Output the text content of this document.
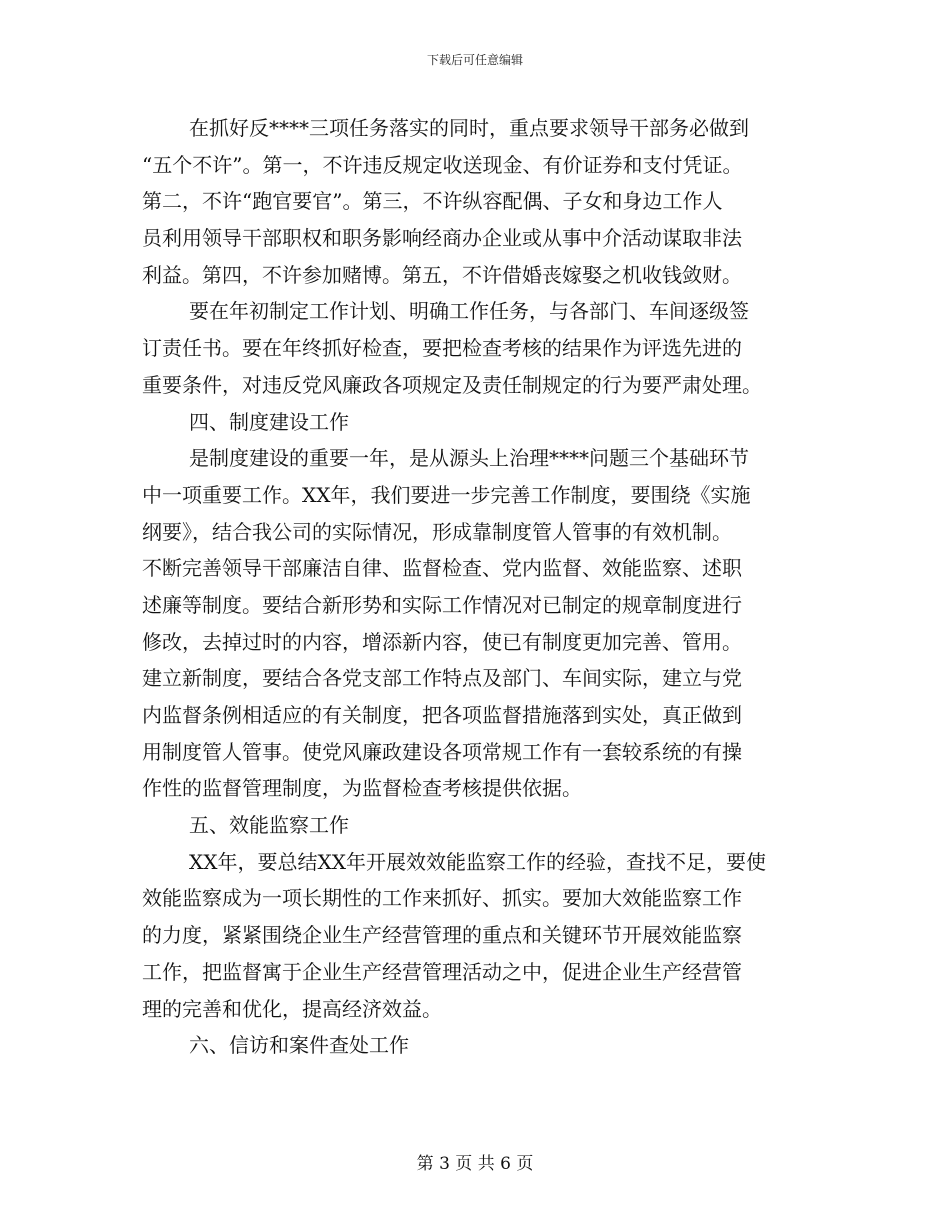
下载后可任意编辑
在抓好反****三项任务落实的同时，重点要求领导干部务必做到
“五个不许”。第一，不许违反规定收送现金、有价证券和支付凭证。
第二，不许“跑官要官”。第三，不许纵容配偶、子女和身边工作人
员利用领导干部职权和职务影响经商办企业或从事中介活动谋取非法
利益。第四，不许参加赌博。第五，不许借婚丧嫁娶之机收钱敛财。
要在年初制定工作计划、明确工作任务，与各部门、车间逐级签
订责任书。要在年终抓好检查，要把检查考核的结果作为评选先进的
重要条件，对违反党风廉政各项规定及责任制规定的行为要严肃处理。
四、制度建设工作
是制度建设的重要一年，是从源头上治理****问题三个基础环节
中一项重要工作。XX年，我们要进一步完善工作制度，要围绕《实施
纲要》，结合我公司的实际情况，形成靠制度管人管事的有效机制。
不断完善领导干部廉洁自律、监督检查、党内监督、效能监察、述职
述廉等制度。要结合新形势和实际工作情况对已制定的规章制度进行
修改，去掉过时的内容，增添新内容，使已有制度更加完善、管用。
建立新制度，要结合各党支部工作特点及部门、车间实际，建立与党
内监督条例相适应的有关制度，把各项监督措施落到实处，真正做到
用制度管人管事。使党风廉政建设各项常规工作有一套较系统的有操
作性的监督管理制度，为监督检查考核提供依据。
五、效能监察工作
XX年，要总结XX年开展效效能监察工作的经验，查找不足，要使
效能监察成为一项长期性的工作来抓好、抓实。要加大效能监察工作
的力度，紧紧围绕企业生产经营管理的重点和关键环节开展效能监察
工作，把监督寓于企业生产经营管理活动之中，促进企业生产经营管
理的完善和优化，提高经济效益。
六、信访和案件查处工作
第 3 页 共 6 页
